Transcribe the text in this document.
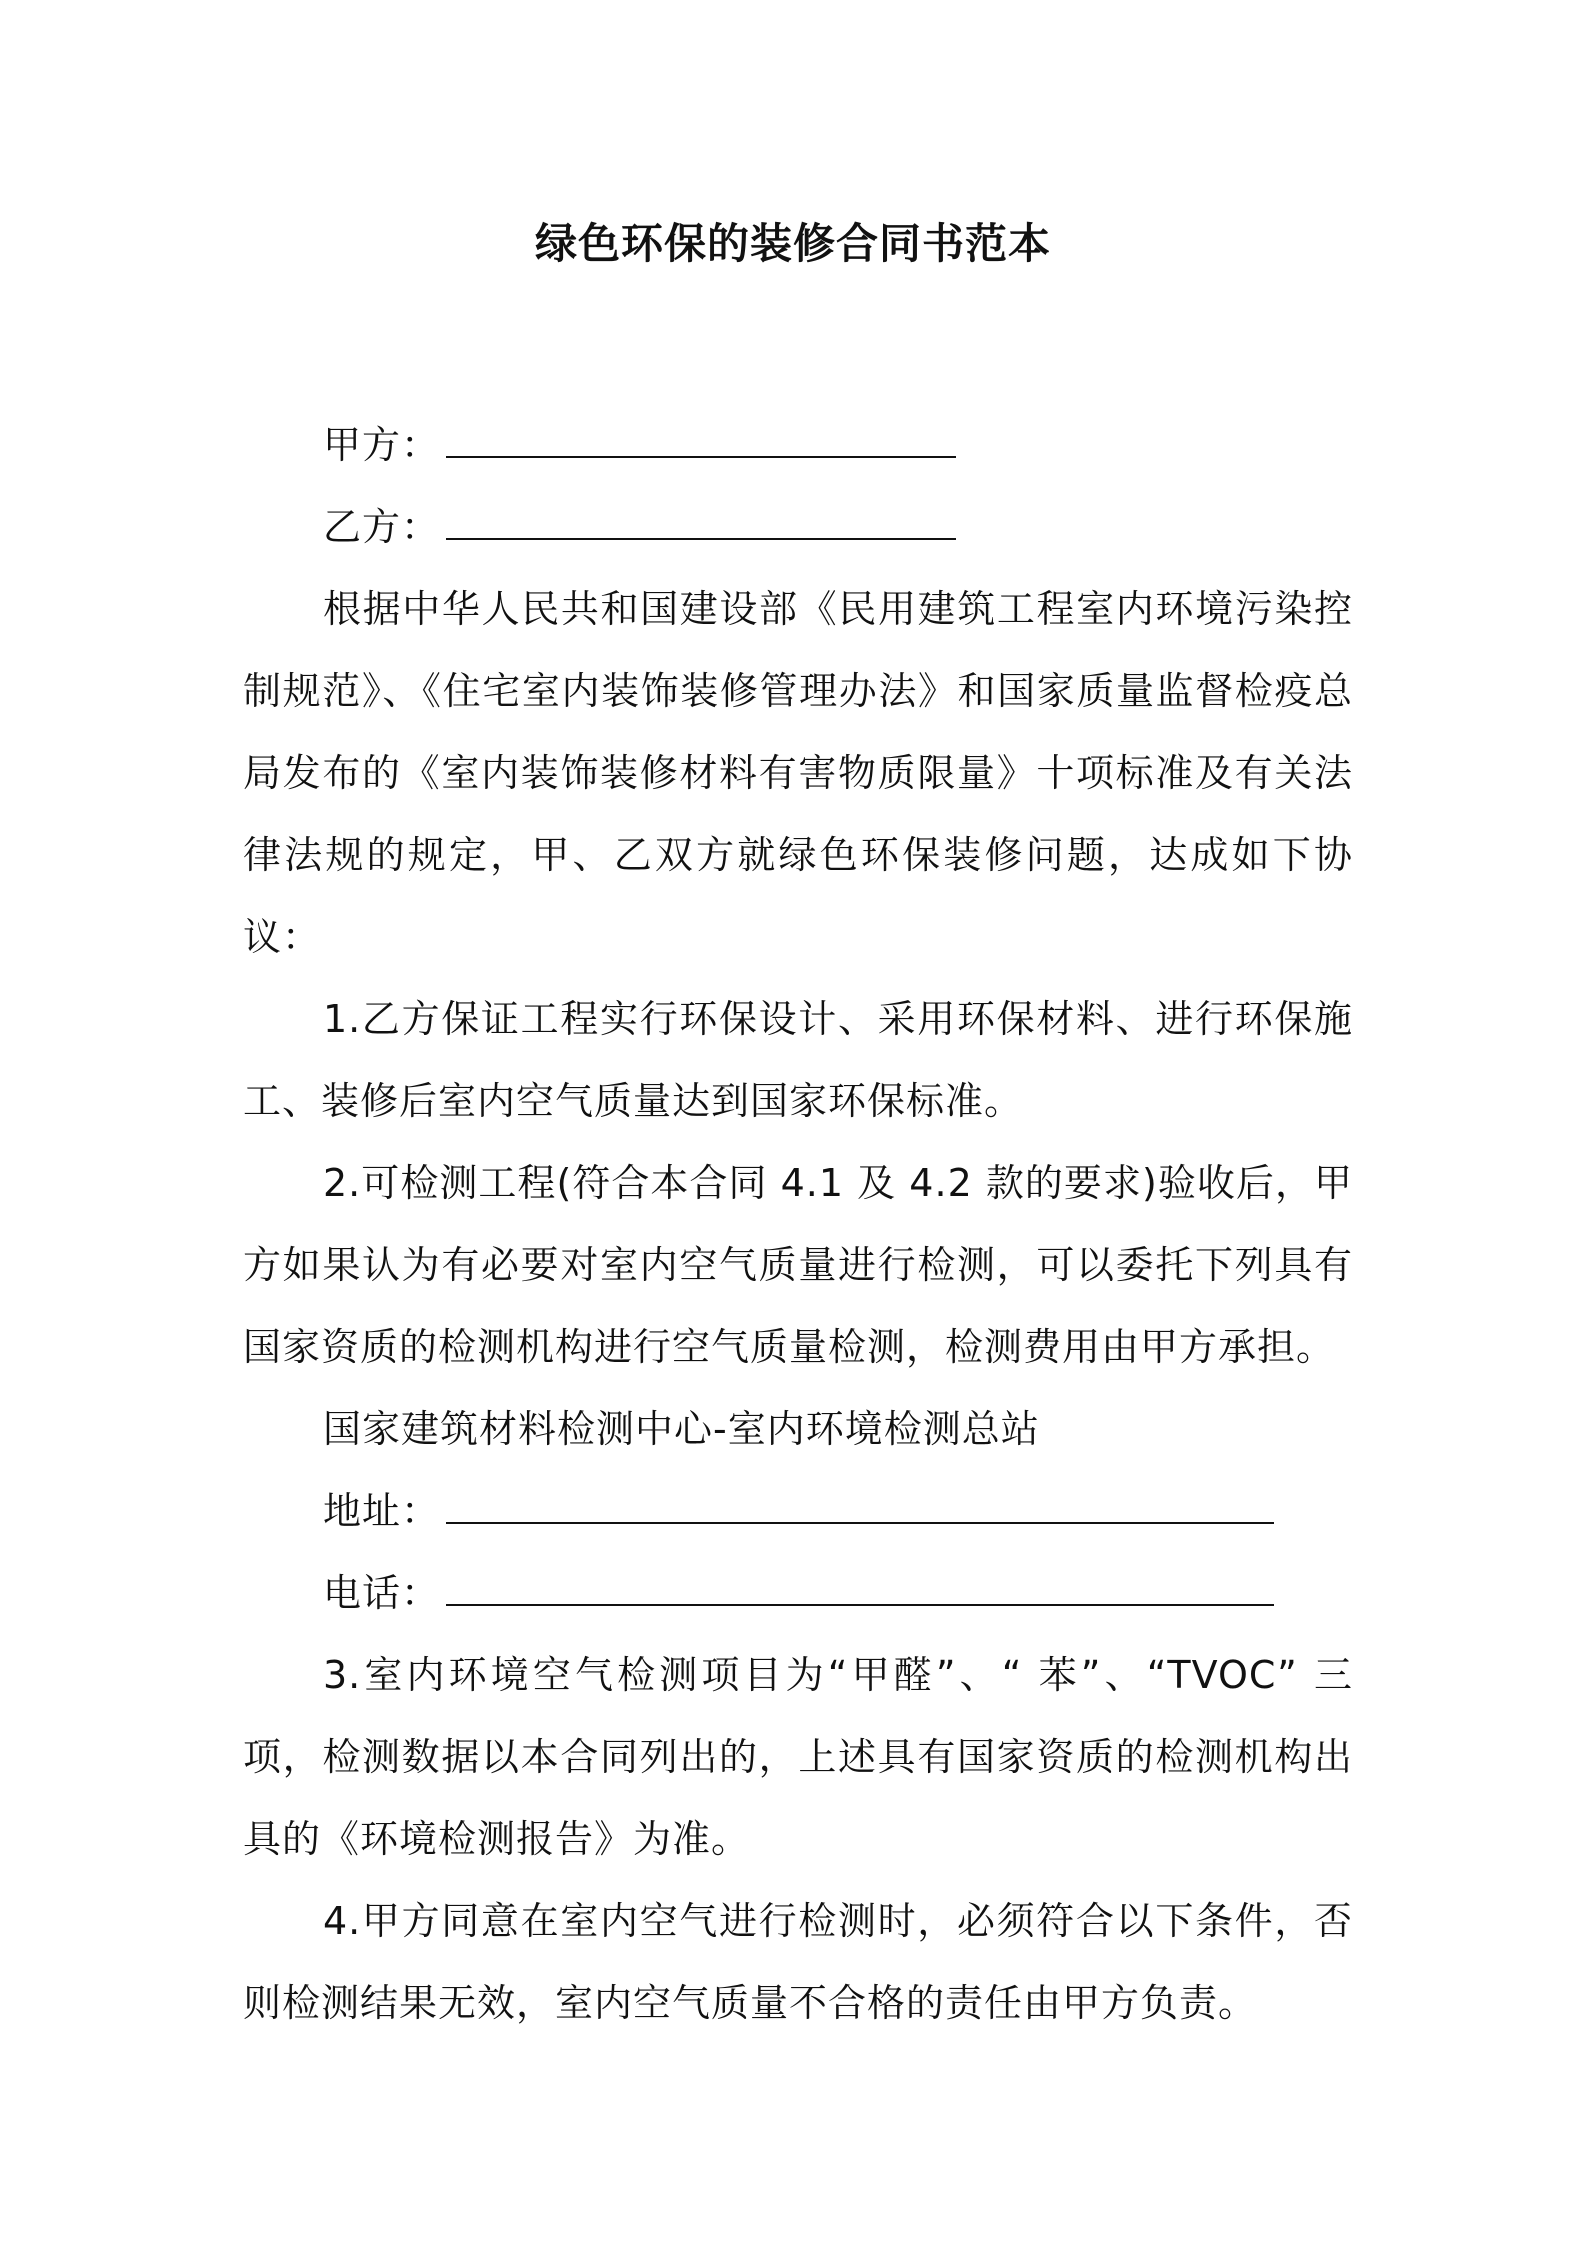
绿色环保的装修合同书范本
甲方：
乙方：

根据中华人民共和国建设部《民用建筑工程室内环境污染控制规范》、《住宅室内装饰装修管理办法》和国家质量监督检疫总局发布的《室内装饰装修材料有害物质限量》十项标准及有关法律法规的规定，甲、乙双方就绿色环保装修问题，达成如下协议：

1.乙方保证工程实行环保设计、采用环保材料、进行环保施工、装修后室内空气质量达到国家环保标准。

2.可检测工程(符合本合同 4.1 及 4.2 款的要求)验收后，甲方如果认为有必要对室内空气质量进行检测，可以委托下列具有国家资质的检测机构进行空气质量检测，检测费用由甲方承担。

国家建筑材料检测中心-室内环境检测总站
地址：
电话：

3.室内环境空气检测项目为“甲醛”、“ 苯”、“TVOC” 三项，检测数据以本合同列出的，上述具有国家资质的检测机构出具的《环境检测报告》为准。

4.甲方同意在室内空气进行检测时，必须符合以下条件，否则检测结果无效，室内空气质量不合格的责任由甲方负责。
